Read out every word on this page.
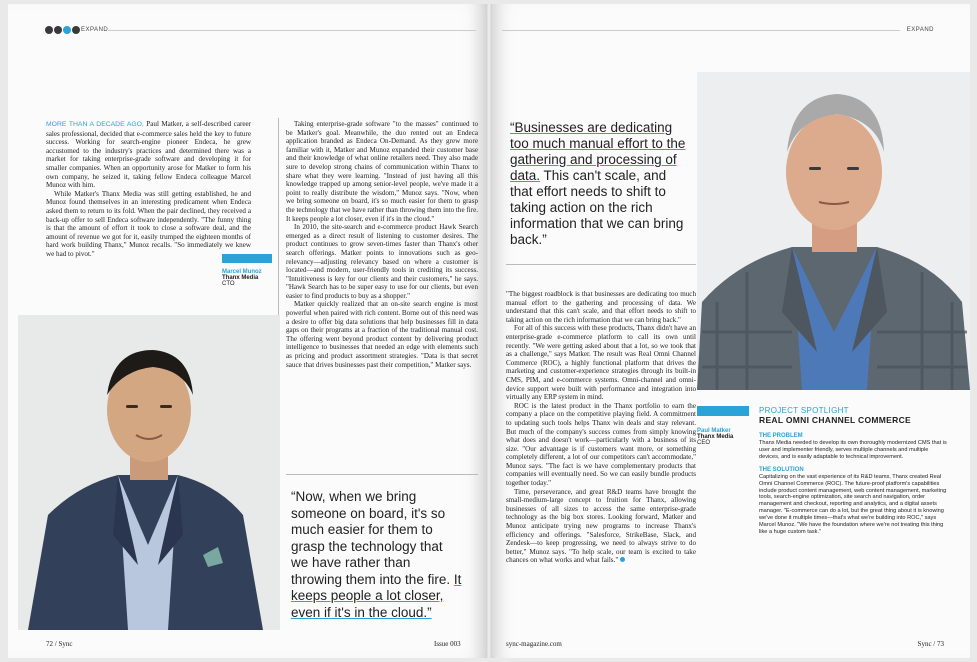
EXPAND

MORE THAN A DECADE AGO, Paul Matker, a self-described career sales professional, decided that e-commerce sales held the key to future success. Working for search-engine pioneer Endeca, he grew accustomed to the industry's practices and determined there was a market for taking enterprise-grade software and developing it for smaller companies. When an opportunity arose for Matker to form his own company, he seized it, taking fellow Endeca colleague Marcel Munoz with him.

While Matker's Thanx Media was still getting established, he and Munoz found themselves in an interesting predicament when Endeca asked them to return to its fold. When the pair declined, they received a back-up offer to sell Endeca software independently. "The funny thing is that the amount of effort it took to close a software deal, and the amount of revenue we got for it, easily trumped the eighteen months of hard work building Thanx," Munoz recalls. "So immediately we knew we had to pivot."

Marcel Munoz
Thanx Media
CTO

Taking enterprise-grade software "to the masses" continued to be Matker's goal. Meanwhile, the duo rented out an Endeca application branded as Endeca On-Demand. As they grew more familiar with it, Matker and Munoz expanded their customer base and their knowledge of what online retailers need. They also made sure to develop strong chains of communication within Thanx to share what they were learning. "Instead of just having all this knowledge trapped up among senior-level people, we've made it a point to really distribute the wisdom," Munoz says. "Now, when we bring someone on board, it's so much easier for them to grasp the technology that we have rather than throwing them into the fire. It keeps people a lot closer, even if it's in the cloud."

In 2010, the site-search and e-commerce product Hawk Search emerged as a direct result of listening to customer desires. The product continues to grow seven-times faster than Thanx's other search offerings. Matker points to innovations such as geo-relevancy—adjusting relevancy based on where a customer is located—and modern, user-friendly tools in crediting its success. "Intuitiveness is key for our clients and their customers," he says. "Hawk Search has to be super easy to use for our clients, but even easier to find products to buy as a shopper."

Matker quickly realized that an on-site search engine is most powerful when paired with rich content. Borne out of this need was a desire to offer big data solutions that help businesses fill in data gaps on their programs at a fraction of the traditional manual cost. The offering went beyond product content by delivering product intelligence to businesses that needed an edge with elements such as pricing and product assortment strategies. "Data is that secret sauce that drives businesses past their competition," Matker says.

“Now, when we bring someone on board, it's so much easier for them to grasp the technology that we have rather than throwing them into the fire. It keeps people a lot closer, even if it's in the cloud.”
72 / Sync	Issue 003
EXPAND
“Businesses are dedicating too much manual effort to the gathering and processing of data. This can't scale, and that effort needs to shift to taking action on the rich information that we can bring back.”

"The biggest roadblock is that businesses are dedicating too much manual effort to the gathering and processing of data. We understand that this can't scale, and that effort needs to shift to taking action on the rich information that we can bring back."

For all of this success with these products, Thanx didn't have an enterprise-grade e-commerce platform to call its own until recently. "We were getting asked about that a lot, so we took that as a challenge," says Matker. The result was Real Omni Channel Commerce (ROC), a highly functional platform that drives the marketing and customer-experience strategies through its built-in CMS, PIM, and e-commerce systems. Omni-channel and omni-device support were built with performance and integration into virtually any ERP system in mind.

ROC is the latest product in the Thanx portfolio to earn the company a place on the competitive playing field. A commitment to updating such tools helps Thanx win deals and stay relevant. But much of the company's success comes from simply knowing what does and doesn't work—particularly with a business of its size. "Our advantage is if customers want more, or something completely different, a lot of our competitors can't accommodate," Munoz says. "The fact is we have complementary products that companies will eventually need. So we can easily bundle products together today."

Time, perseverance, and great R&D teams have brought the small-medium-large concept to fruition for Thanx, allowing businesses of all sizes to access the same enterprise-grade technology as the big box stores. Looking forward, Matker and Munoz anticipate trying new programs to increase Thanx's efficiency and offerings. "Salesforce, StrikeBase, Slack, and Zendesk—to keep progressing, we need to always strive to do better," Munoz says. "To help scale, our team is excited to take chances on what works and what fails."

Paul Matker
Thanx Media
CEO
PROJECT SPOTLIGHT
REAL OMNI CHANNEL COMMERCE
THE PROBLEM
Thanx Media needed to develop its own thoroughly modernized CMS that is user and implementer friendly, serves multiple channels and multiple devices, and is easily adaptable to technical improvement.
THE SOLUTION
Capitalizing on the vast experience of its R&D teams, Thanx created Real Omni Channel Commerce (ROC). The future-proof platform's capabilities include product content management, web content management, marketing tools, search-engine optimization, site search and navigation, order management and checkout, reporting and analytics, and a digital assets manager. "E-commerce can do a lot, but the great thing about it is knowing we've done it multiple times—that's what we're building into ROC," says Marcel Munoz. "We have the foundation where we're not treating this thing like a huge custom task."
sync-magazine.com	Sync / 73
